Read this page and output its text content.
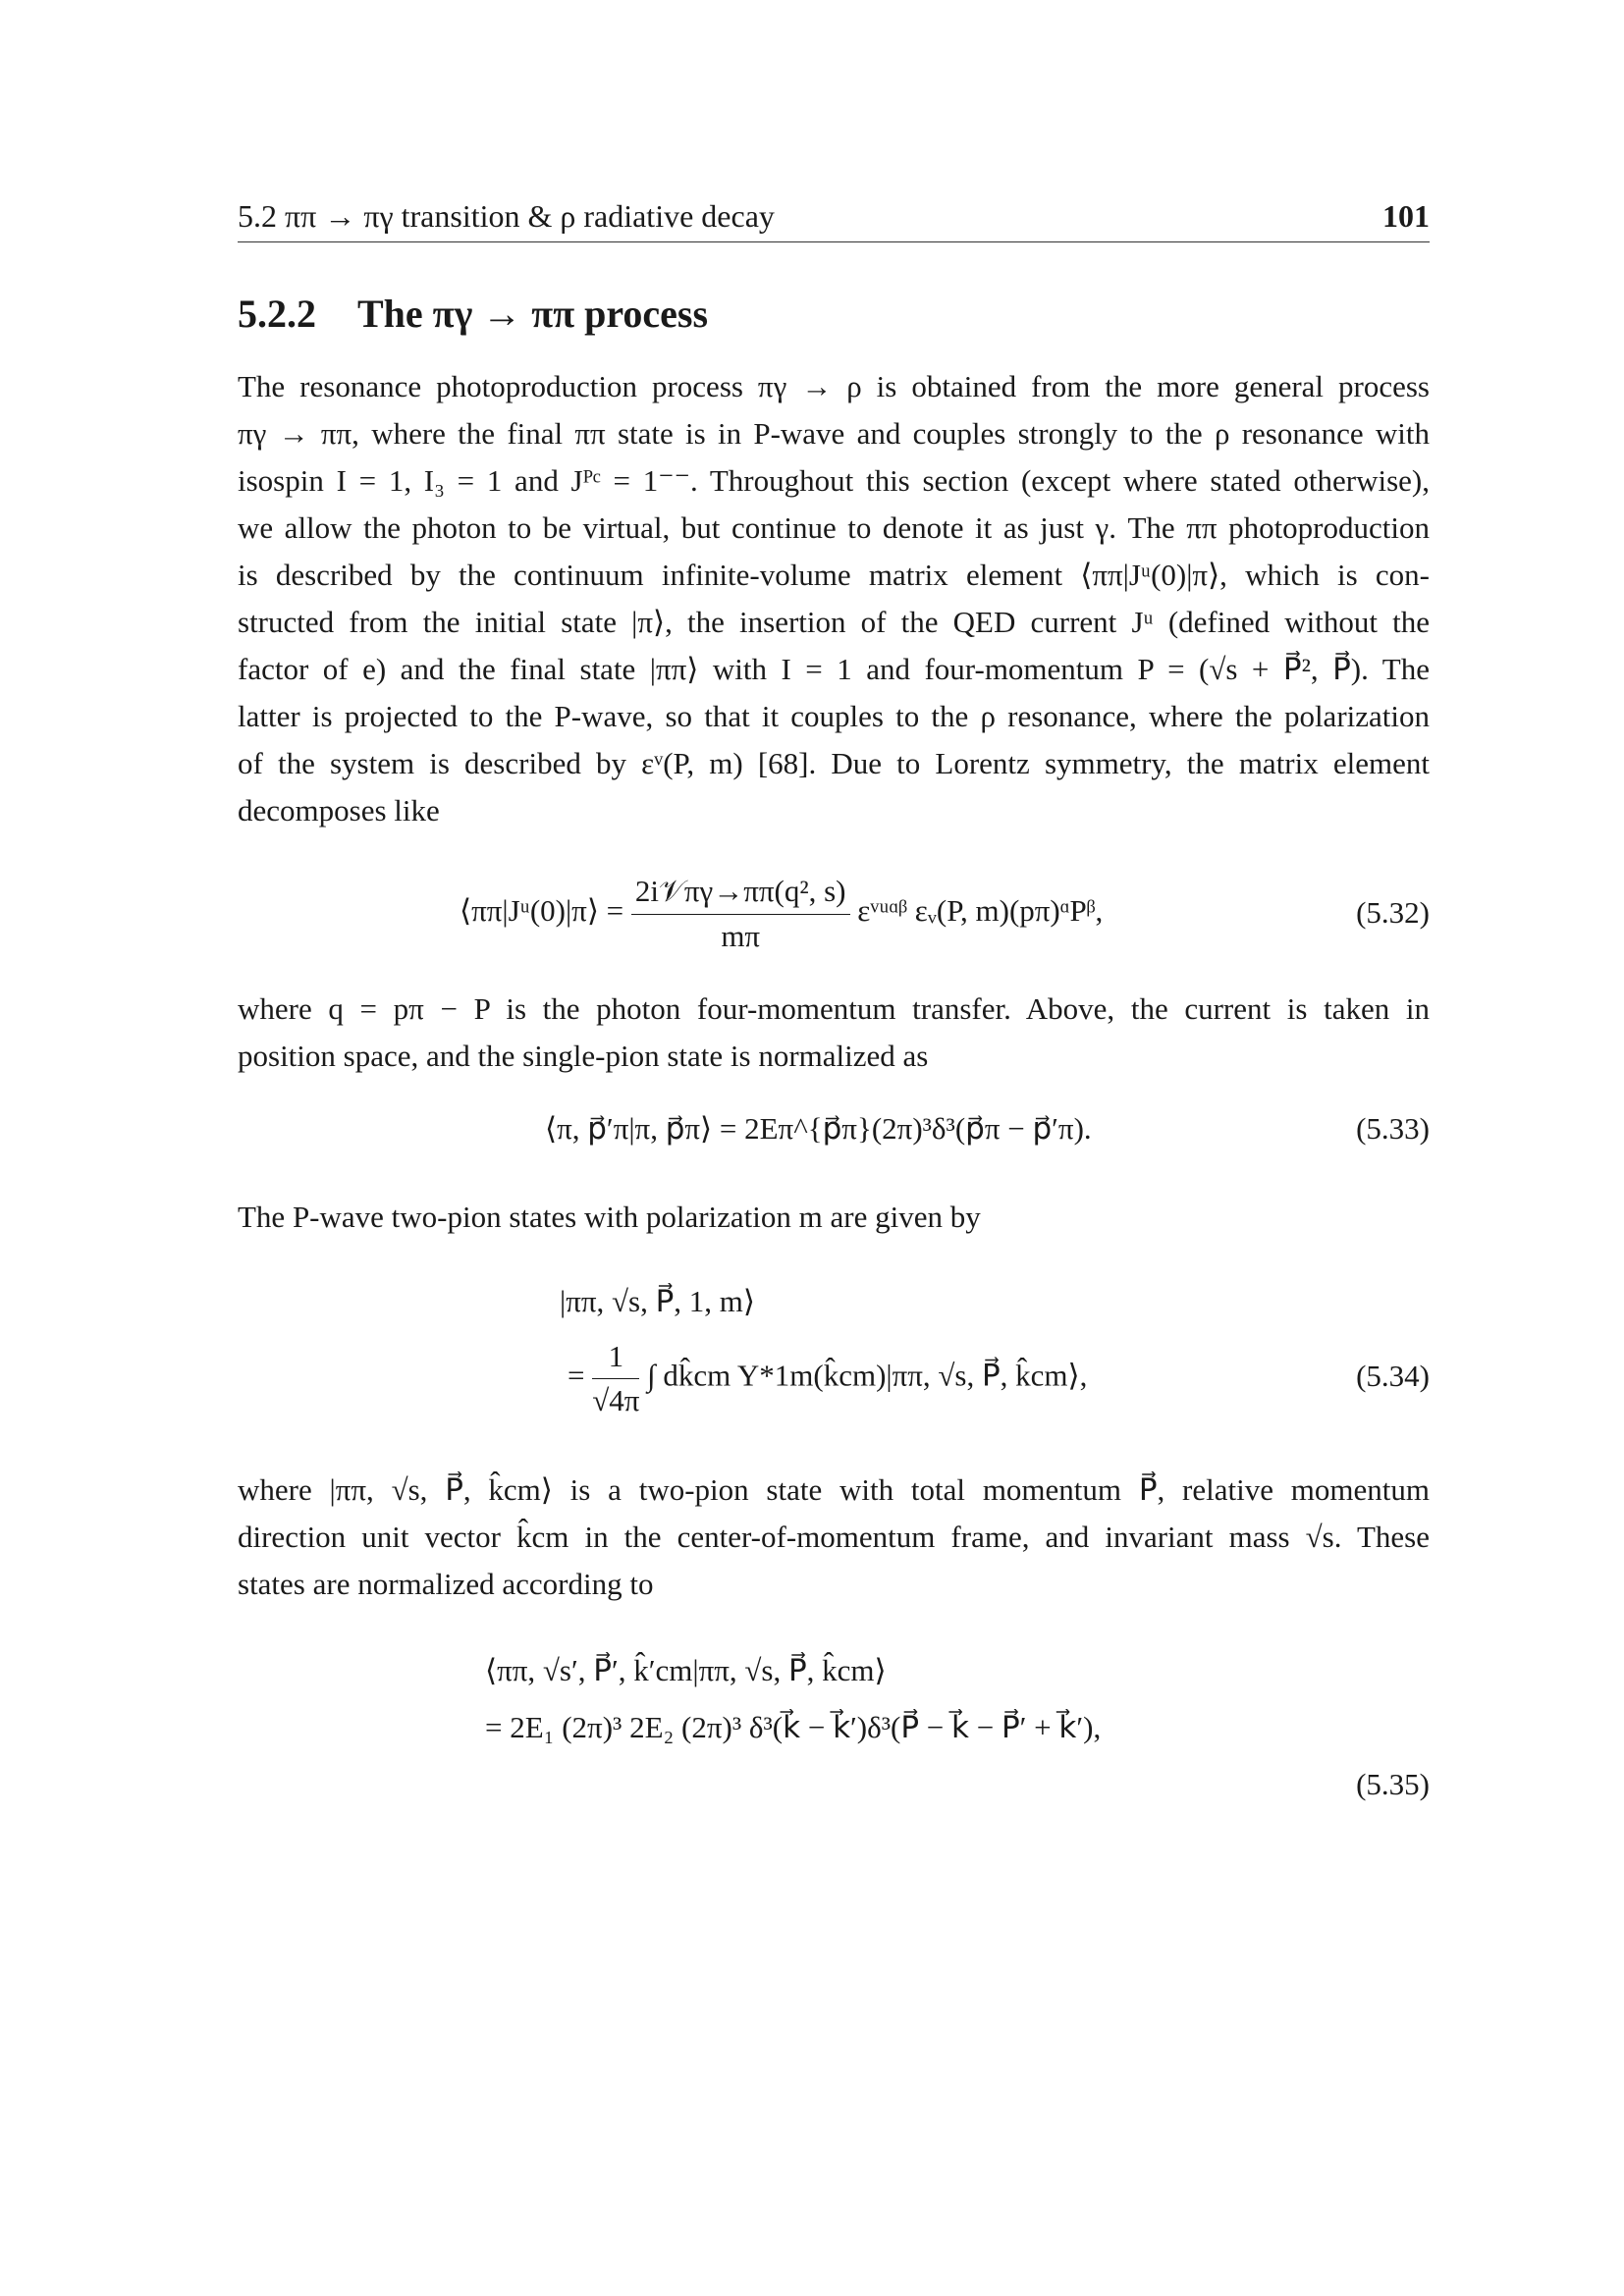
5.2 ππ → πγ transition & ρ radiative decay	101
5.2.2 The πγ → ππ process
The resonance photoproduction process πγ → ρ is obtained from the more general process
πγ → ππ, where the final ππ state is in P-wave and couples strongly to the ρ resonance with
isospin I = 1, I₃ = 1 and Jᴾᶜ = 1⁻⁻. Throughout this section (except where stated otherwise),
we allow the photon to be virtual, but continue to denote it as just γ. The ππ photoproduction
is described by the continuum infinite-volume matrix element ⟨ππ|Jᵘ(0)|π⟩, which is con-
structed from the initial state |π⟩, the insertion of the QED current Jᵘ (defined without the
factor of e) and the final state |ππ⟩ with I = 1 and four-momentum P = (√s + P⃗², P⃗). The
latter is projected to the P-wave, so that it couples to the ρ resonance, where the polarization
of the system is described by εᵛ(P, m) [68]. Due to Lorentz symmetry, the matrix element
decomposes like
⟨ππ|Jᵘ(0)|π⟩ = $\frac{\text{2i𝒱πγ→ππ(q², s)}}{m\pi}$ εᵛᵘᵅᵝ εᵥ(P, m)(pπ)ᵅPᵝ,	(5.32)
where q = pπ − P is the photon four-momentum transfer. Above, the current is taken in
position space, and the single-pion state is normalized as
⟨π, p⃗′π|π, p⃗π⟩ = 2Eπ^{p⃗π}(2π)³δ³(p⃗π − p⃗′π).	(5.33)
The P-wave two-pion states with polarization m are given by
|ππ, √s, P⃗, 1, m⟩
= $\frac{1}{√4\pi}$ ∫ dk̂cm Y*1m(k̂cm)|ππ, √s, P⃗, k̂cm⟩,	(5.34)
where |ππ, √s, P⃗, k̂cm⟩ is a two-pion state with total momentum P⃗, relative momentum
direction unit vector k̂cm in the center-of-momentum frame, and invariant mass √s. These
states are normalized according to
⟨ππ, √s′, P⃗′, k̂′cm|ππ, √s, P⃗, k̂cm⟩
= 2E₁ (2π)³ 2E₂ (2π)³ δ³(k⃗ − k⃗′)δ³(P⃗ − k⃗ − P⃗′ + k⃗′),
(5.35)
